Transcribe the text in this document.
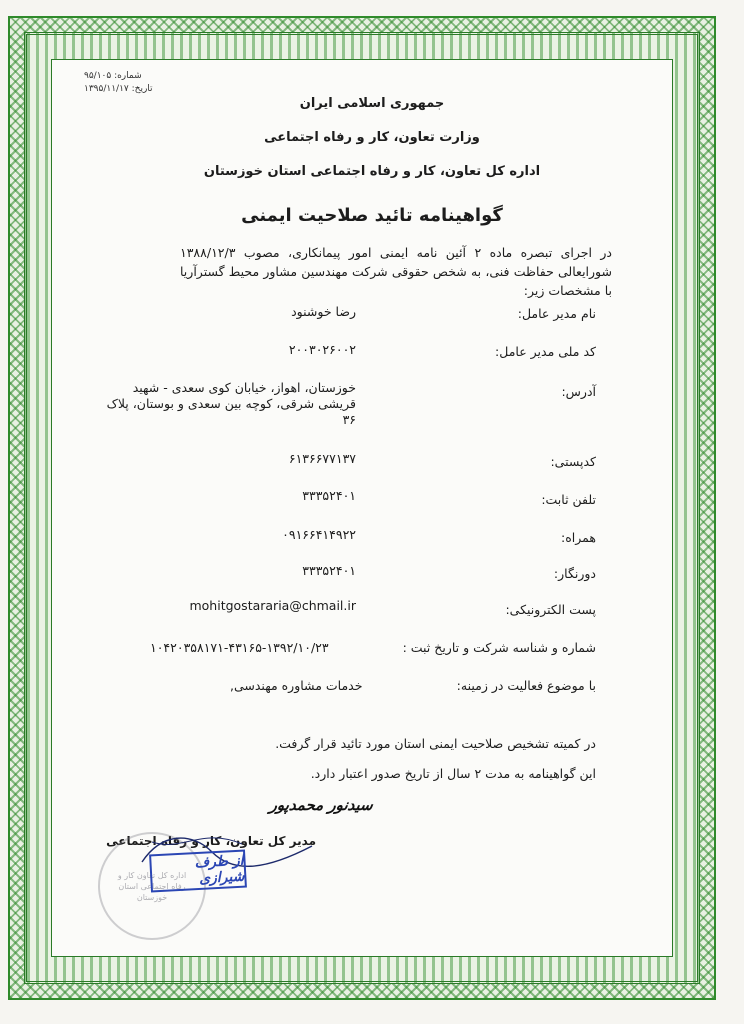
شماره: ۹۵/۱۰۵
تاریخ: ۱۳۹۵/۱۱/۱۷
جمهوری اسلامی ایران
وزارت تعاون، کار و رفاه اجتماعی
اداره کل تعاون، کار و رفاه اجتماعی استان خوزستان
گواهینامه تائید صلاحیت ایمنی
در اجرای تبصره ماده ۲ آئین نامه ایمنی امور پیمانکاری، مصوب ۱۳۸۸/۱۲/۳ شورایعالی حفاظت فنی، به شخص حقوقی شرکت مهندسین مشاور محیط گسترآریا با مشخصات زیر:
نام مدیر عامل:
رضا خوشنود
کد ملی مدیر عامل:
۲۰۰۳۰۲۶۰۰۲
آدرس:
خوزستان، اهواز، خیابان کوی سعدی - شهید قریشی شرقی، کوچه بین سعدی و بوستان، پلاک ۳۶
کدپستی:
۶۱۳۶۶۷۷۱۳۷
تلفن ثابت:
۳۳۳۵۲۴۰۱
همراه:
۰۹۱۶۶۴۱۴۹۲۲
دورنگار:
۳۳۳۵۲۴۰۱
پست الکترونیکی:
mohitgostararia@chmail.ir
شماره و شناسه شرکت و تاریخ ثبت :
۱۰۴۲۰۳۵۸۱۷۱-۴۳۱۶۵-۱۳۹۲/۱۰/۲۳
با موضوع فعالیت در زمینه:
خدمات مشاوره مهندسی,
در کمیته تشخیص صلاحیت ایمنی استان مورد تائید قرار گرفت.
این گواهینامه به مدت ۲ سال از تاریخ صدور اعتبار دارد.
سیدنور محمدپور
مدیر کل تعاون، کار و رفاه اجتماعی
اداره کل تعاون کار و رفاه اجتماعی استان خوزستان
از طرف شیرازی
